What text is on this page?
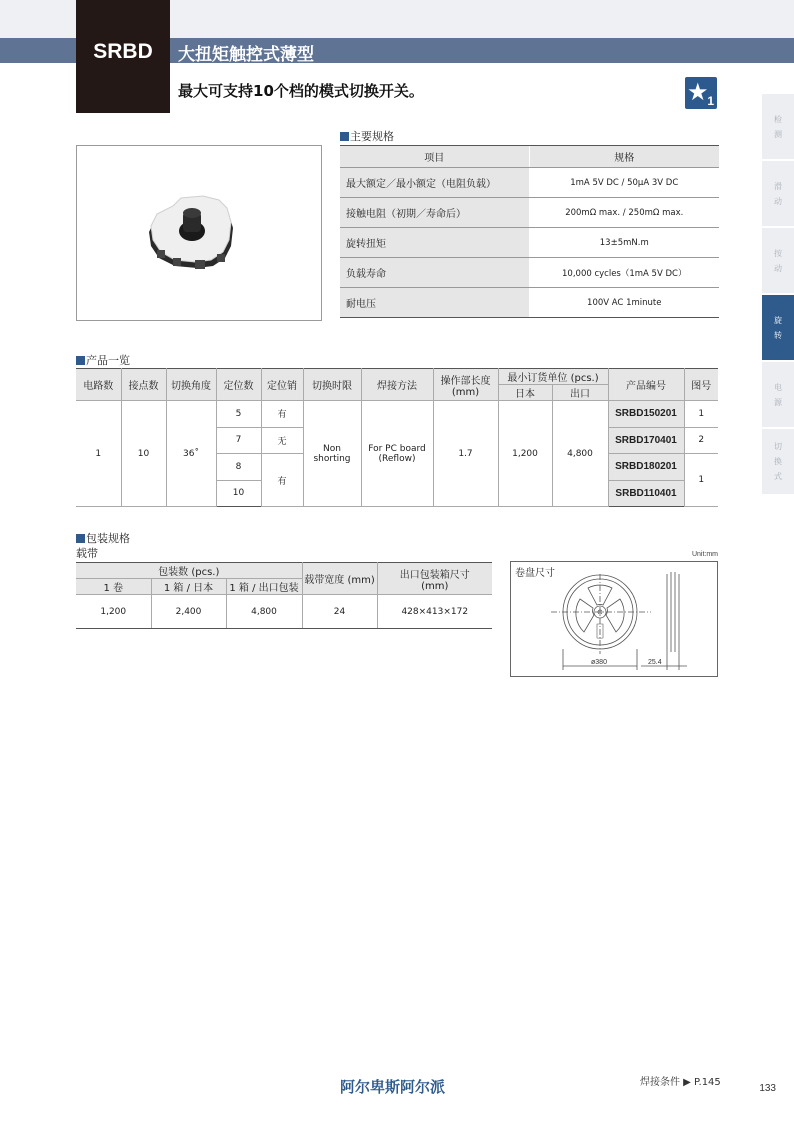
SRBD	大扭矩触控式薄型
最大可支持10个档的模式切换开关。	★
1
检
测
滑
动
按
动
旋
转
电
源
切
换
式
主要规格
项目	规格
最大额定／最小额定（电阻负载）	1mA 5V DC / 50µA 3V DC
接触电阻（初期／寿命后）	200mΩ max. / 250mΩ max.
旋转扭矩	13±5mN.m
负载寿命	10,000 cycles（1mA 5V DC）
耐电压	100V AC 1minute
产品一览
电路数	接点数	切换角度	定位数	定位销	切换时限	焊接方法	操作部长度
(mm)	最小订货单位 (pcs.)		产品编号	图号
								日本	出口		
1	10	36˚	5	有	Non shorting	For PC board (Reflow)	1.7	1,200	4,800	SRBD150201	1
			7	无						SRBD170401	2
			8	有						SRBD180201	1
			10							SRBD110401	
包装规格
载带	Unit:mm
包装数 (pcs.)			载带宽度 (mm)	出口包装箱尺寸
(mm)
1 卷	1 箱 / 日本	1 箱 / 出口包装		
1,200	2,400	4,800	24	428×413×172
卷盘尺寸
ø380	25.4
阿尔卑斯阿尔派	焊接条件 ▶ P.145
133
